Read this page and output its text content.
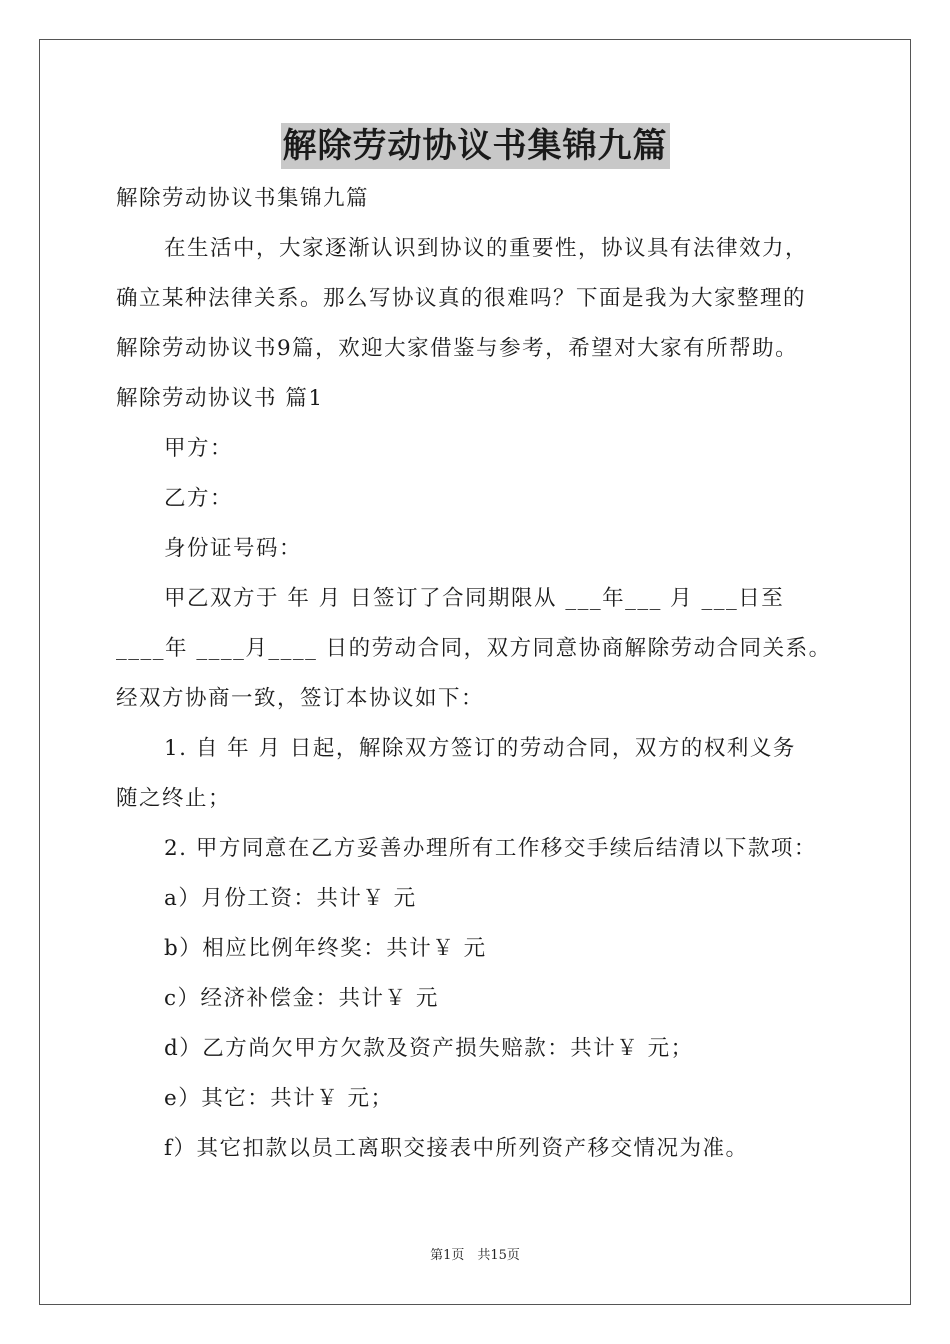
解除劳动协议书集锦九篇
解除劳动协议书集锦九篇
在生活中，大家逐渐认识到协议的重要性，协议具有法律效力，
确立某种法律关系。那么写协议真的很难吗？下面是我为大家整理的
解除劳动协议书9篇，欢迎大家借鉴与参考，希望对大家有所帮助。
解除劳动协议书 篇1
甲方：
乙方：
身份证号码：
甲乙双方于 年 月 日签订了合同期限从 ___年___ 月 ___日至
____年 ____月____ 日的劳动合同，双方同意协商解除劳动合同关系。
经双方协商一致，签订本协议如下：
1. 自 年 月 日起，解除双方签订的劳动合同，双方的权利义务
随之终止；
2. 甲方同意在乙方妥善办理所有工作移交手续后结清以下款项：
a）月份工资：共计￥ 元
b）相应比例年终奖：共计￥ 元
c）经济补偿金：共计￥ 元
d）乙方尚欠甲方欠款及资产损失赔款：共计￥ 元；
e）其它：共计￥ 元；
f）其它扣款以员工离职交接表中所列资产移交情况为准。
第1页　共15页
